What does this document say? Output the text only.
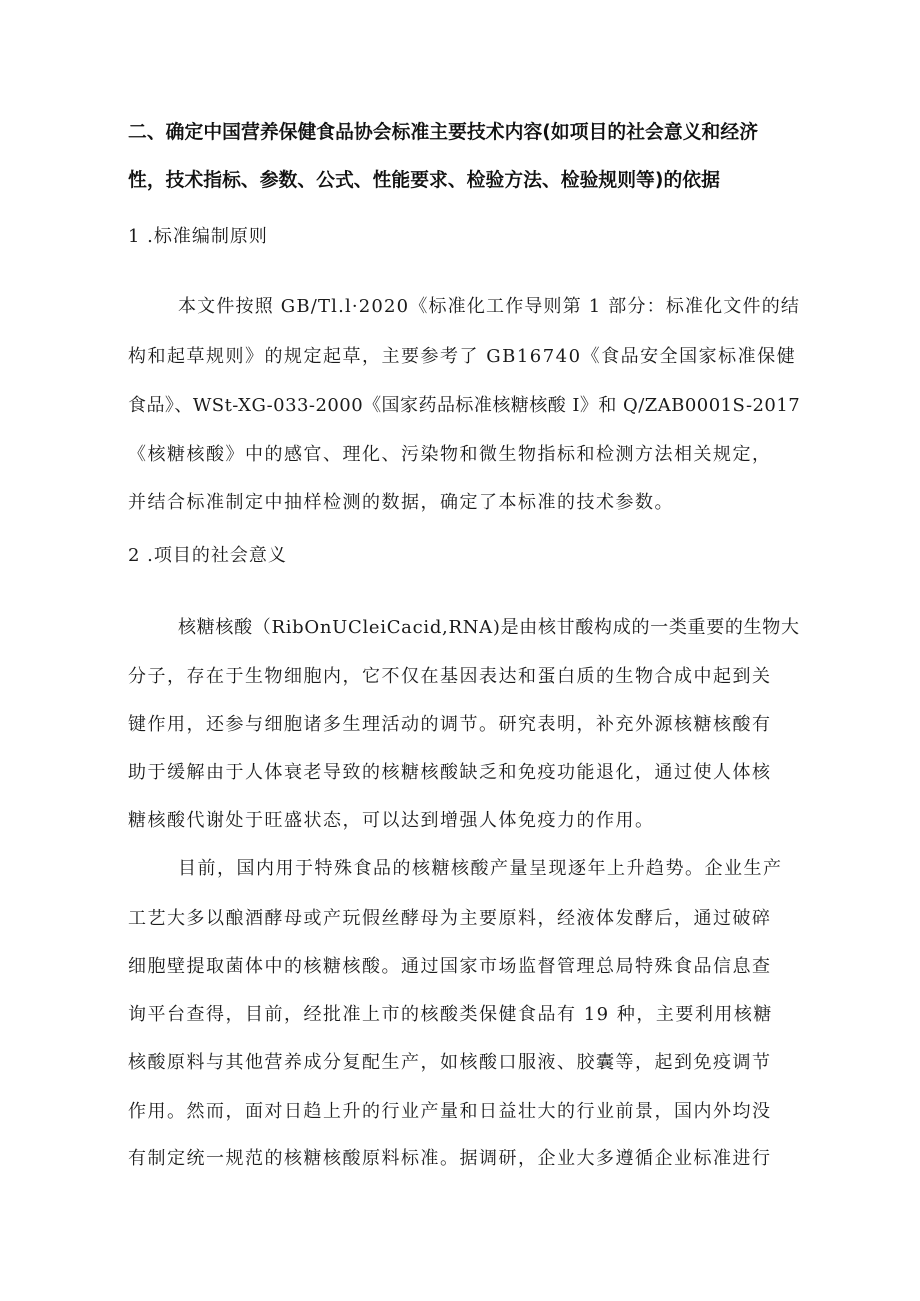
二、确定中国营养保健食品协会标准主要技术内容(如项目的社会意义和经济
性，技术指标、参数、公式、性能要求、检验方法、检验规则等)的依据
1 .标准编制原则
本文件按照 GB/Tl.l·2020《标准化工作导则第 1 部分：标准化文件的结
构和起草规则》的规定起草，主要参考了 GB16740《食品安全国家标准保健
食品》、WSt-XG-033-2000《国家药品标准核糖核酸 I》和 Q/ZAB0001S-2017
《核糖核酸》中的感官、理化、污染物和微生物指标和检测方法相关规定，
并结合标准制定中抽样检测的数据，确定了本标准的技术参数。
2 .项目的社会意义
核糖核酸（RibOnUCleiCacid,RNA)是由核甘酸构成的一类重要的生物大
分子，存在于生物细胞内，它不仅在基因表达和蛋白质的生物合成中起到关
键作用，还参与细胞诸多生理活动的调节。研究表明，补充外源核糖核酸有
助于缓解由于人体衰老导致的核糖核酸缺乏和免疫功能退化，通过使人体核
糖核酸代谢处于旺盛状态，可以达到增强人体免疫力的作用。
目前，国内用于特殊食品的核糖核酸产量呈现逐年上升趋势。企业生产
工艺大多以酿酒酵母或产玩假丝酵母为主要原料，经液体发酵后，通过破碎
细胞壁提取菌体中的核糖核酸。通过国家市场监督管理总局特殊食品信息查
询平台查得，目前，经批准上市的核酸类保健食品有 19 种，主要利用核糖
核酸原料与其他营养成分复配生产，如核酸口服液、胶囊等，起到免疫调节
作用。然而，面对日趋上升的行业产量和日益壮大的行业前景，国内外均没
有制定统一规范的核糖核酸原料标准。据调研，企业大多遵循企业标准进行
